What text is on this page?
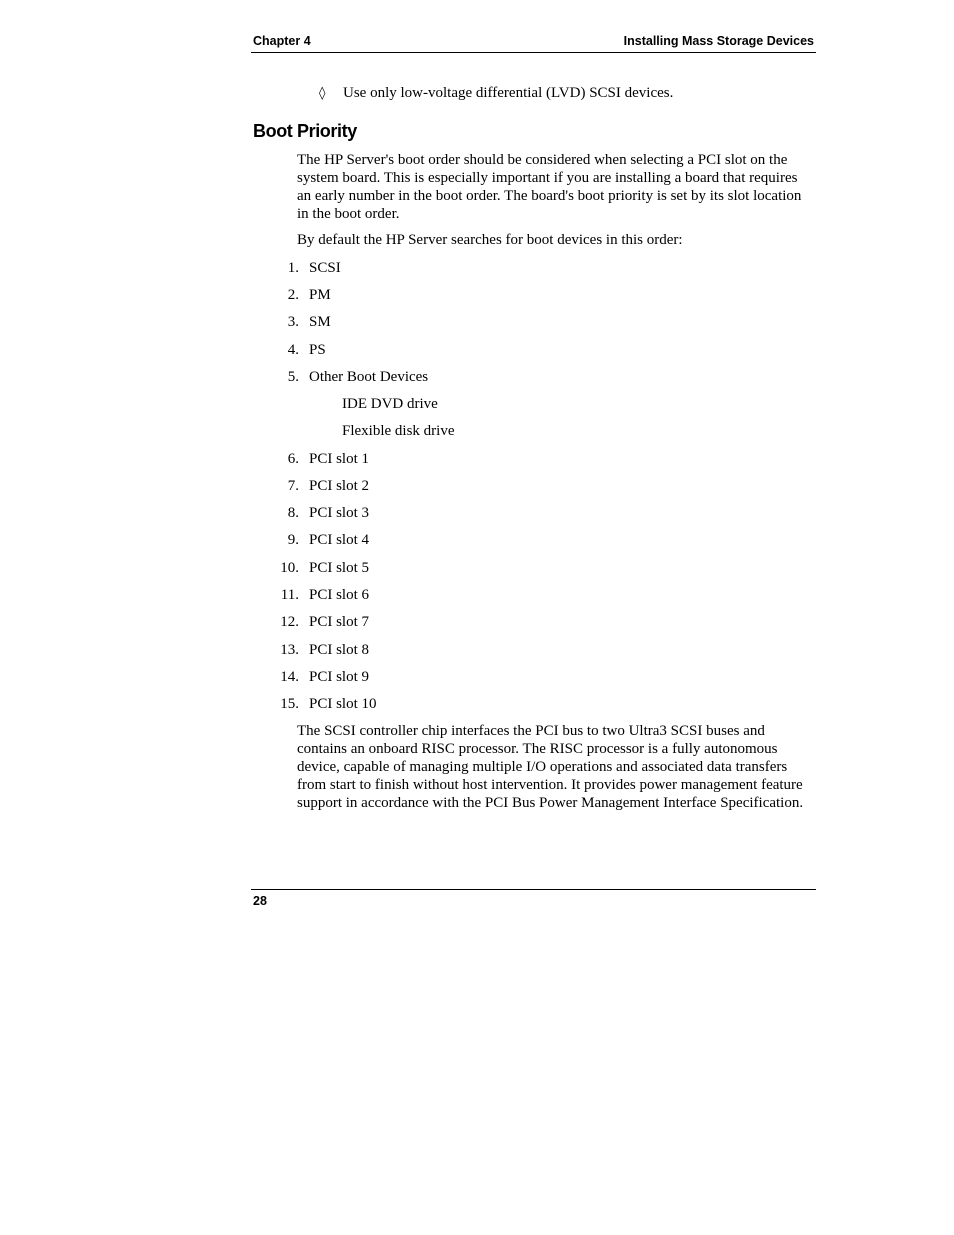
Chapter 4	Installing Mass Storage Devices
◊ Use only low-voltage differential (LVD) SCSI devices.
Boot Priority

The HP Server's boot order should be considered when selecting a PCI slot on the system board. This is especially important if you are installing a board that requires an early number in the boot order. The board's boot priority is set by its slot location in the boot order.

By default the HP Server searches for boot devices in this order:

1. SCSI
2. PM
3. SM
4. PS
5. Other Boot Devices
IDE DVD drive
Flexible disk drive
6. PCI slot 1
7. PCI slot 2
8. PCI slot 3
9. PCI slot 4
10. PCI slot 5
11. PCI slot 6
12. PCI slot 7
13. PCI slot 8
14. PCI slot 9
15. PCI slot 10

The SCSI controller chip interfaces the PCI bus to two Ultra3 SCSI buses and contains an onboard RISC processor. The RISC processor is a fully autonomous device, capable of managing multiple I/O operations and associated data transfers from start to finish without host intervention. It provides power management feature support in accordance with the PCI Bus Power Management Interface Specification.

28
